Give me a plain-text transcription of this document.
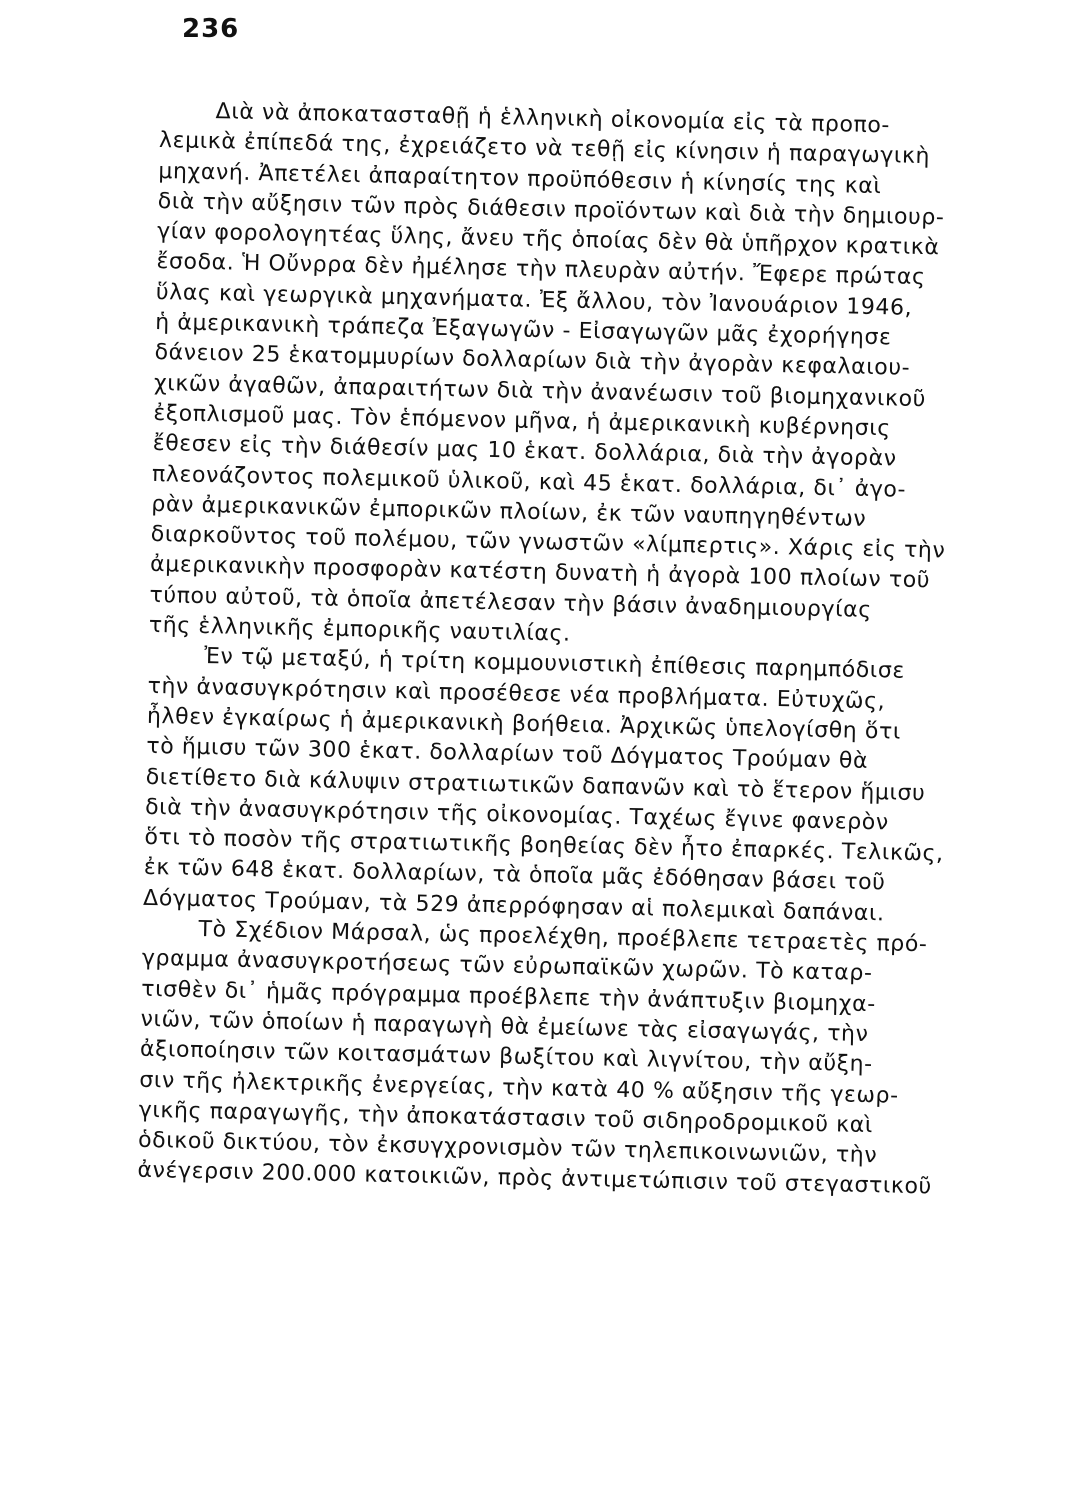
236
Διὰ νὰ ἀποκατασταθῇ ἡ ἑλληνικὴ οἰκονομία εἰς τὰ προπο-
λεμικὰ ἐπίπεδά της, ἐχρειάζετο νὰ τεθῇ εἰς κίνησιν ἡ παραγωγικὴ
μηχανή. Ἀπετέλει ἀπαραίτητον προϋπόθεσιν ἡ κίνησίς της καὶ
διὰ τὴν αὔξησιν τῶν πρὸς διάθεσιν προϊόντων καὶ διὰ τὴν δημιουρ-
γίαν φορολογητέας ὕλης, ἄνευ τῆς ὁποίας δὲν θὰ ὑπῆρχον κρατικὰ
ἔσοδα. Ἡ Οὔνρρα δὲν ἠμέλησε τὴν πλευρὰν αὐτήν. Ἔφερε πρώτας
ὕλας καὶ γεωργικὰ μηχανήματα. Ἐξ ἄλλου, τὸν Ἰανουάριον 1946,
ἡ ἀμερικανικὴ τράπεζα Ἐξαγωγῶν - Εἰσαγωγῶν μᾶς ἐχορήγησε
δάνειον 25 ἑκατομμυρίων δολλαρίων διὰ τὴν ἀγορὰν κεφαλαιου-
χικῶν ἀγαθῶν, ἀπαραιτήτων διὰ τὴν ἀνανέωσιν τοῦ βιομηχανικοῦ
ἐξοπλισμοῦ μας. Τὸν ἑπόμενον μῆνα, ἡ ἀμερικανικὴ κυβέρνησις
ἔθεσεν εἰς τὴν διάθεσίν μας 10 ἑκατ. δολλάρια, διὰ τὴν ἀγορὰν
πλεονάζοντος πολεμικοῦ ὑλικοῦ, καὶ 45 ἑκατ. δολλάρια, δι᾽ ἀγο-
ρὰν ἀμερικανικῶν ἐμπορικῶν πλοίων, ἐκ τῶν ναυπηγηθέντων
διαρκοῦντος τοῦ πολέμου, τῶν γνωστῶν «λίμπερτις». Χάρις εἰς τὴν
ἀμερικανικὴν προσφορὰν κατέστη δυνατὴ ἡ ἀγορὰ 100 πλοίων τοῦ
τύπου αὐτοῦ, τὰ ὁποῖα ἀπετέλεσαν τὴν βάσιν ἀναδημιουργίας
τῆς ἑλληνικῆς ἐμπορικῆς ναυτιλίας.
Ἐν τῷ μεταξύ, ἡ τρίτη κομμουνιστικὴ ἐπίθεσις παρημπόδισε
τὴν ἀνασυγκρότησιν καὶ προσέθεσε νέα προβλήματα. Εὐτυχῶς,
ἦλθεν ἐγκαίρως ἡ ἀμερικανικὴ βοήθεια. Ἀρχικῶς ὑπελογίσθη ὅτι
τὸ ἥμισυ τῶν 300 ἑκατ. δολλαρίων τοῦ Δόγματος Τρούμαν θὰ
διετίθετο διὰ κάλυψιν στρατιωτικῶν δαπανῶν καὶ τὸ ἕτερον ἥμισυ
διὰ τὴν ἀνασυγκρότησιν τῆς οἰκονομίας. Ταχέως ἔγινε φανερὸν
ὅτι τὸ ποσὸν τῆς στρατιωτικῆς βοηθείας δὲν ἦτο ἐπαρκές. Τελικῶς,
ἐκ τῶν 648 ἑκατ. δολλαρίων, τὰ ὁποῖα μᾶς ἐδόθησαν βάσει τοῦ
Δόγματος Τρούμαν, τὰ 529 ἀπερρόφησαν αἱ πολεμικαὶ δαπάναι.
Τὸ Σχέδιον Μάρσαλ, ὡς προελέχθη, προέβλεπε τετραετὲς πρό-
γραμμα ἀνασυγκροτήσεως τῶν εὐρωπαϊκῶν χωρῶν. Τὸ καταρ-
τισθὲν δι᾽ ἡμᾶς πρόγραμμα προέβλεπε τὴν ἀνάπτυξιν βιομηχα-
νιῶν, τῶν ὁποίων ἡ παραγωγὴ θὰ ἐμείωνε τὰς εἰσαγωγάς, τὴν
ἀξιοποίησιν τῶν κοιτασμάτων βωξίτου καὶ λιγνίτου, τὴν αὔξη-
σιν τῆς ἠλεκτρικῆς ἐνεργείας, τὴν κατὰ 40 % αὔξησιν τῆς γεωρ-
γικῆς παραγωγῆς, τὴν ἀποκατάστασιν τοῦ σιδηροδρομικοῦ καὶ
ὁδικοῦ δικτύου, τὸν ἐκσυγχρονισμὸν τῶν τηλεπικοινωνιῶν, τὴν
ἀνέγερσιν 200.000 κατοικιῶν, πρὸς ἀντιμετώπισιν τοῦ στεγαστικοῦ
